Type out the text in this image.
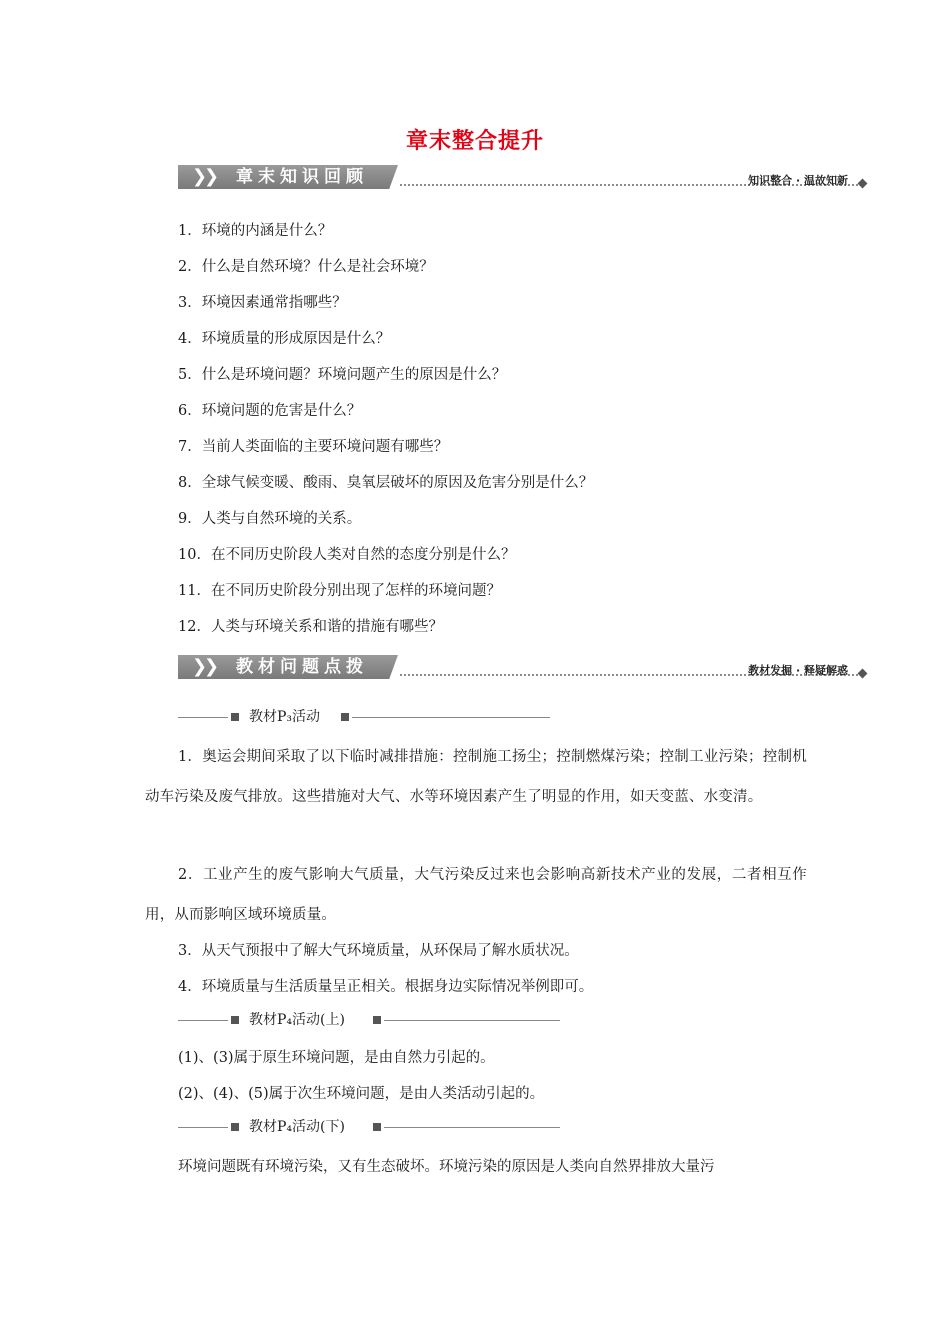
章末整合提升
❯
❯ 章末知识回顾	知识整合 · 温故知新
1．环境的内涵是什么？
2．什么是自然环境？什么是社会环境？
3．环境因素通常指哪些？
4．环境质量的形成原因是什么？
5．什么是环境问题？环境问题产生的原因是什么？
6．环境问题的危害是什么？
7．当前人类面临的主要环境问题有哪些？
8．全球气候变暖、酸雨、臭氧层破坏的原因及危害分别是什么？
9．人类与自然环境的关系。
10．在不同历史阶段人类对自然的态度分别是什么？
11．在不同历史阶段分别出现了怎样的环境问题？
12．人类与环境关系和谐的措施有哪些？
❯
❯ 教材问题点拨	教材发掘 · 释疑解惑
教材P₃活动
1．奥运会期间采取了以下临时减排措施：控制施工扬尘；控制燃煤污染；控制工业污染；控制机动车污染及废气排放。这些措施对大气、水等环境因素产生了明显的作用，如天变蓝、水变清。
2．工业产生的废气影响大气质量，大气污染反过来也会影响高新技术产业的发展，二者相互作用，从而影响区域环境质量。
3．从天气预报中了解大气环境质量，从环保局了解水质状况。
4．环境质量与生活质量呈正相关。根据身边实际情况举例即可。
教材P₄活动(上)
(1)、(3)属于原生环境问题，是由自然力引起的。
(2)、(4)、(5)属于次生环境问题，是由人类活动引起的。
教材P₄活动(下)
环境问题既有环境污染，又有生态破坏。环境污染的原因是人类向自然界排放大量污
